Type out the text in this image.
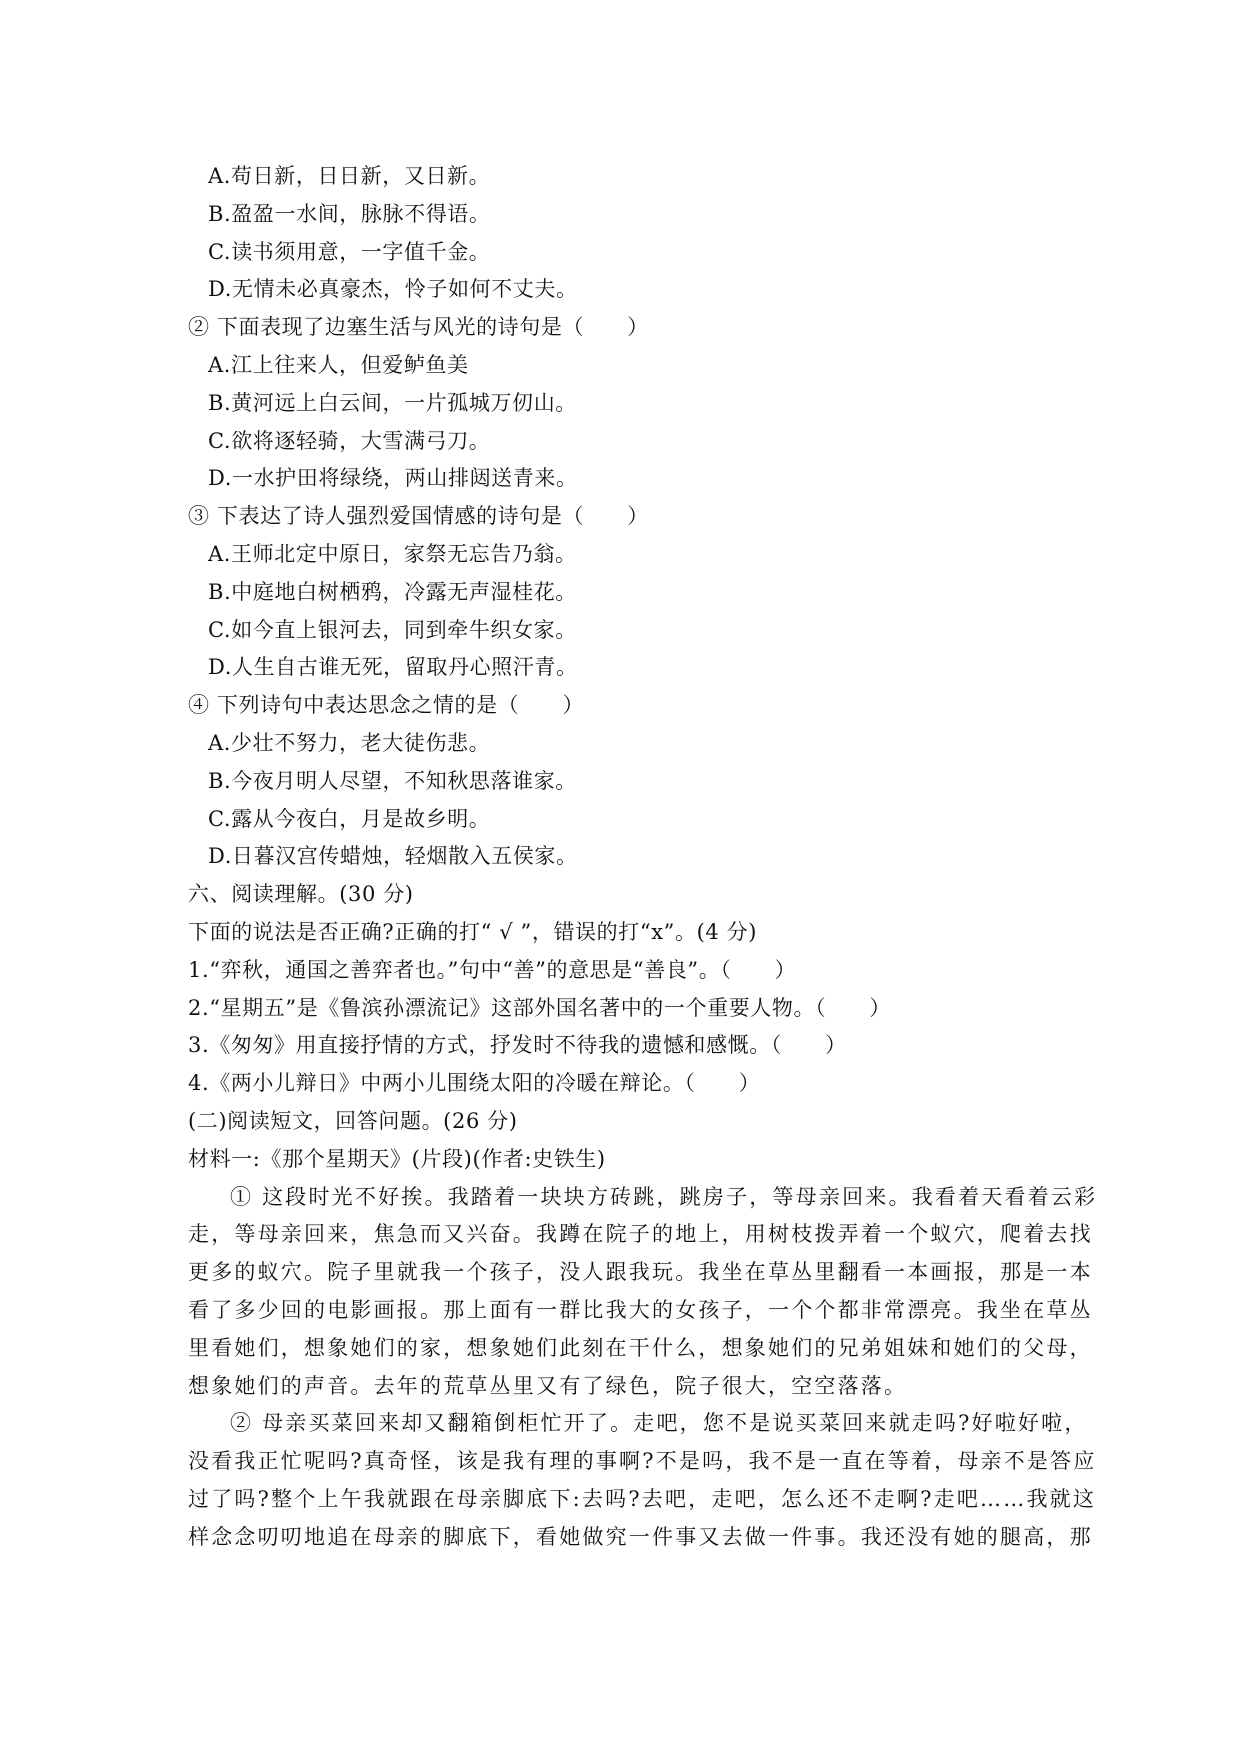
A.苟日新，日日新，又日新。
B.盈盈一水间，脉脉不得语。
C.读书须用意，一字值千金。
D.无情未必真豪杰，怜子如何不丈夫。
② 下面表现了边塞生活与风光的诗句是（　　）
A.江上往来人，但爱鲈鱼美
B.黄河远上白云间，一片孤城万仞山。
C.欲将逐轻骑，大雪满弓刀。
D.一水护田将绿绕，两山排闼送青来。
③ 下表达了诗人强烈爱国情感的诗句是（　　）
A.王师北定中原日，家祭无忘告乃翁。
B.中庭地白树栖鸦，冷露无声湿桂花。
C.如今直上银河去，同到牵牛织女家。
D.人生自古谁无死，留取丹心照汗青。
④ 下列诗句中表达思念之情的是（　　）
A.少壮不努力，老大徒伤悲。
B.今夜月明人尽望，不知秋思落谁家。
C.露从今夜白，月是故乡明。
D.日暮汉宫传蜡烛，轻烟散入五侯家。
六、阅读理解。(30 分)
下面的说法是否正确?正确的打“ √ ”，错误的打“x”。(4 分)
1.“弈秋，通国之善弈者也。”句中“善”的意思是“善良”。（　　）
2.“星期五”是《鲁滨孙漂流记》这部外国名著中的一个重要人物。（　　）
3.《匆匆》用直接抒情的方式，抒发时不待我的遗憾和感慨。（　　）
4.《两小儿辩日》中两小儿围绕太阳的冷暖在辩论。（　　）
(二)阅读短文，回答问题。(26 分)
材料一:《那个星期天》(片段)(作者:史铁生)
① 这段时光不好挨。我踏着一块块方砖跳，跳房子，等母亲回来。我看着天看着云彩
走，等母亲回来，焦急而又兴奋。我蹲在院子的地上，用树枝拨弄着一个蚁穴，爬着去找
更多的蚁穴。院子里就我一个孩子，没人跟我玩。我坐在草丛里翻看一本画报，那是一本
看了多少回的电影画报。那上面有一群比我大的女孩子，一个个都非常漂亮。我坐在草丛
里看她们，想象她们的家，想象她们此刻在干什么，想象她们的兄弟姐妹和她们的父母，
想象她们的声音。去年的荒草丛里又有了绿色，院子很大，空空落落。
② 母亲买菜回来却又翻箱倒柜忙开了。走吧，您不是说买菜回来就走吗?好啦好啦，
没看我正忙呢吗?真奇怪，该是我有理的事啊?不是吗，我不是一直在等着，母亲不是答应
过了吗?整个上午我就跟在母亲脚底下:去吗?去吧，走吧，怎么还不走啊?走吧……我就这
样念念叨叨地追在母亲的脚底下，看她做究一件事又去做一件事。我还没有她的腿高，那
